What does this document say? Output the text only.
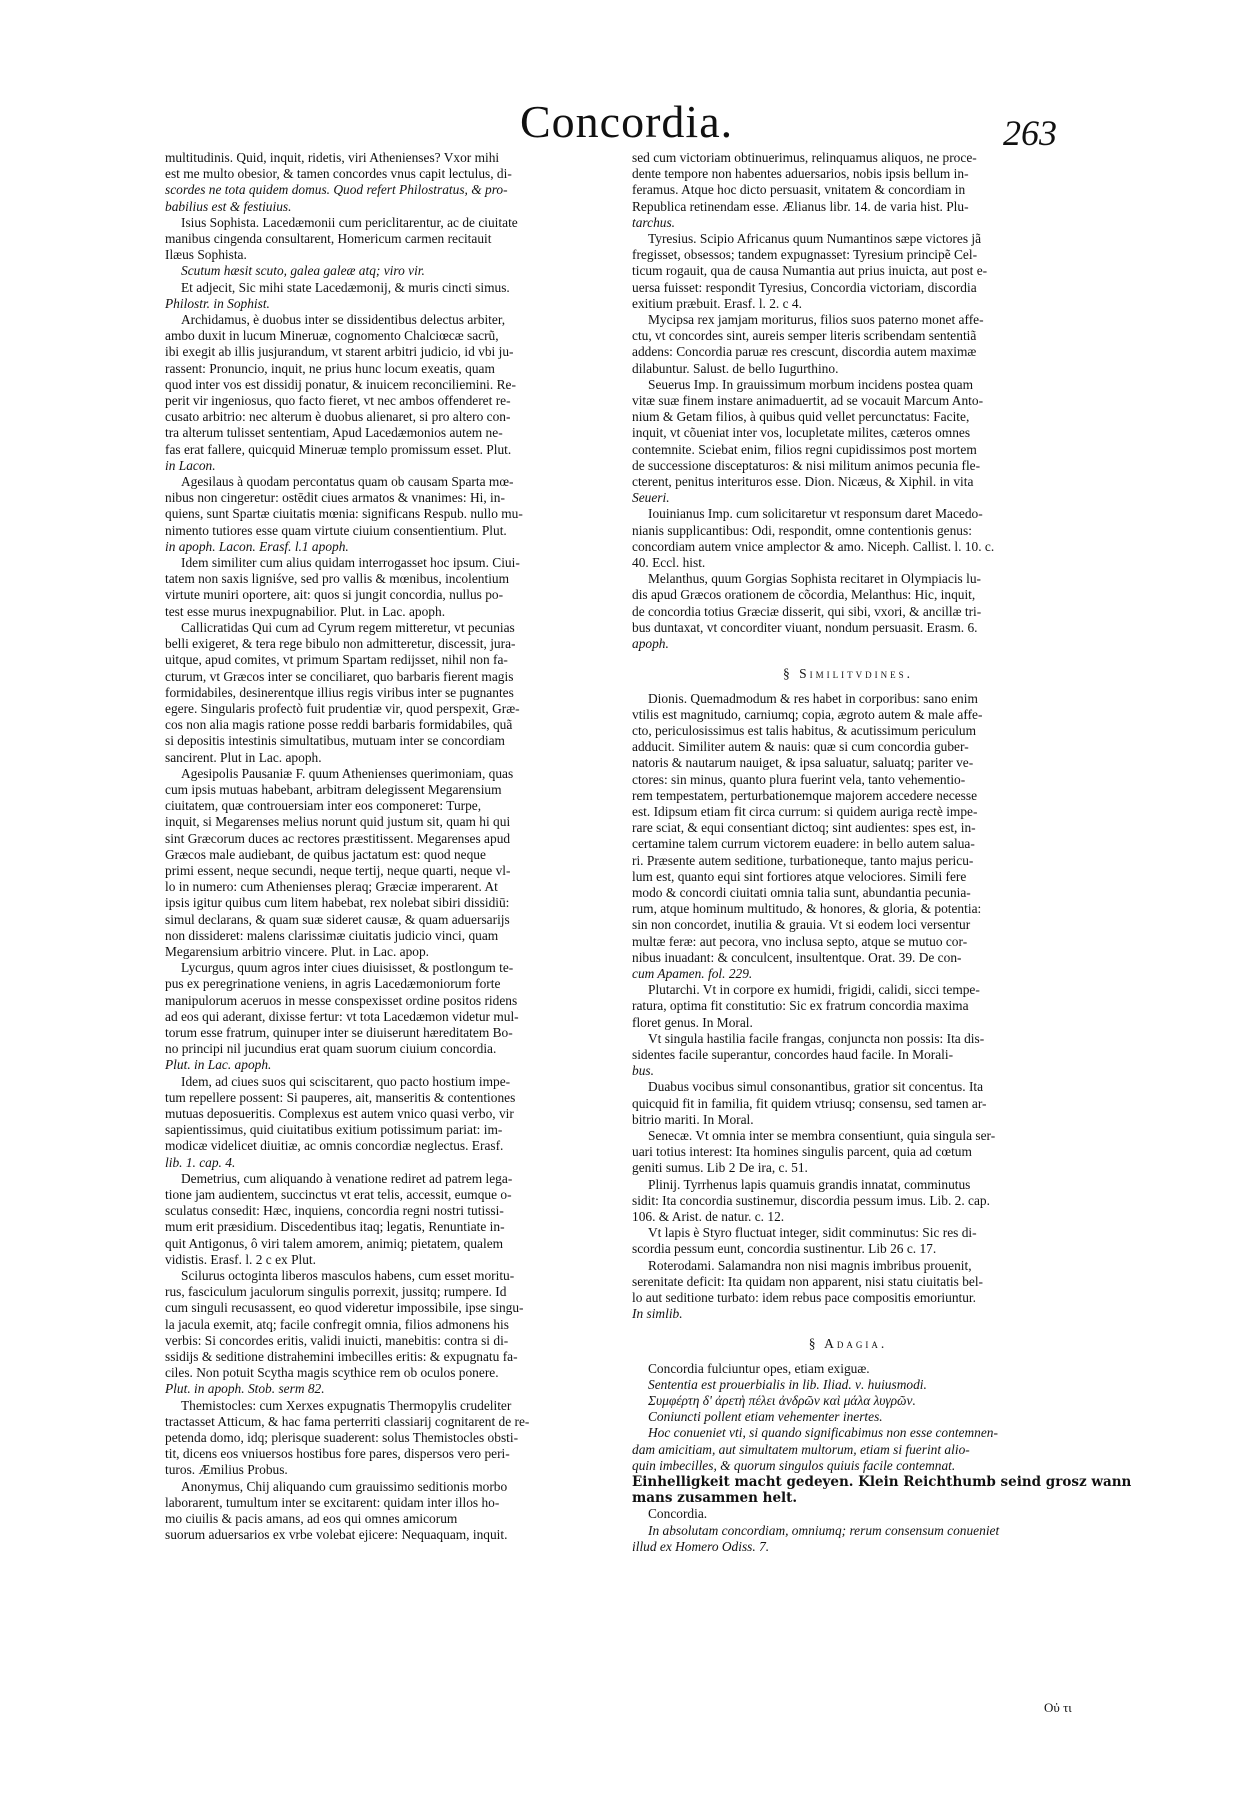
Concordia.	263
multitudinis. Quid, inquit, ridetis, viri Athenienses? Vxor mihi
est me multo obesior, & tamen concordes vnus capit lectulus, di-
scordes ne tota quidem domus. Quod refert Philostratus, & pro-
babilius est & festiuius.
Isius Sophista. Lacedæmonii cum periclitarentur, ac de ciuitate
manibus cingenda consultarent, Homericum carmen recitauit
Ilæus Sophista.
Scutum hæsit scuto, galea galeæ atq; viro vir.
Et adjecit, Sic mihi state Lacedæmonij, & muris cincti simus.
Philostr. in Sophist.
Archidamus, è duobus inter se dissidentibus delectus arbiter,
ambo duxit in lucum Mineruæ, cognomento Chalciœcæ sacrũ,
ibi exegit ab illis jusjurandum, vt starent arbitri judicio, id vbi ju-
rassent: Pronuncio, inquit, ne prius hunc locum exeatis, quam
quod inter vos est dissidij ponatur, & inuicem reconciliemini. Re-
perit vir ingeniosus, quo facto fieret, vt nec ambos offenderet re-
cusato arbitrio: nec alterum è duobus alienaret, si pro altero con-
tra alterum tulisset sententiam, Apud Lacedæmonios autem ne-
fas erat fallere, quicquid Mineruæ templo promissum esset. Plut.
in Lacon.
Agesilaus à quodam percontatus quam ob causam Sparta mœ-
nibus non cingeretur: ostēdit ciues armatos & vnanimes: Hi, in-
quiens, sunt Spartæ ciuitatis mœnia: significans Respub. nullo mu-
nimento tutiores esse quam virtute ciuium consentientium. Plut.
in apoph. Lacon. Erasf. l.1 apoph.
Idem similiter cum alius quidam interrogasset hoc ipsum. Ciui-
tatem non saxis ligniśve, sed pro vallis & mœnibus, incolentium
virtute muniri oportere, ait: quos si jungit concordia, nullus po-
test esse murus inexpugnabilior. Plut. in Lac. apoph.
Callicratidas Qui cum ad Cyrum regem mitteretur, vt pecunias
belli exigeret, & tera rege bibulo non admitteretur, discessit, jura-
uitque, apud comites, vt primum Spartam redijsset, nihil non fa-
cturum, vt Græcos inter se conciliaret, quo barbaris fierent magis
formidabiles, desinerentque illius regis viribus inter se pugnantes
egere. Singularis profectò fuit prudentiæ vir, quod perspexit, Græ-
cos non alia magis ratione posse reddi barbaris formidabiles, quã
si depositis intestinis simultatibus, mutuam inter se concordiam
sancirent. Plut in Lac. apoph.
Agesipolis Pausaniæ F. quum Athenienses querimoniam, quas
cum ipsis mutuas habebant, arbitram delegissent Megarensium
ciuitatem, quæ controuersiam inter eos componeret: Turpe,
inquit, si Megarenses melius norunt quid justum sit, quam hi qui
sint Græcorum duces ac rectores præstitissent. Megarenses apud
Græcos male audiebant, de quibus jactatum est: quod neque
primi essent, neque secundi, neque tertij, neque quarti, neque vl-
lo in numero: cum Athenienses pleraq; Græciæ imperarent. At
ipsis igitur quibus cum litem habebat, rex nolebat sibiri dissidiū:
simul declarans, & quam suæ sideret causæ, & quam aduersarijs
non dissideret: malens clarissimæ ciuitatis judicio vinci, quam
Megarensium arbitrio vincere. Plut. in Lac. apop.
Lycurgus, quum agros inter ciues diuisisset, & postlongum te-
pus ex peregrinatione veniens, in agris Lacedæmoniorum forte
manipulorum aceruos in messe conspexisset ordine positos ridens
ad eos qui aderant, dixisse fertur: vt tota Lacedæmon videtur mul-
torum esse fratrum, quinuper inter se diuiserunt hæreditatem Bo-
no principi nil jucundius erat quam suorum ciuium concordia.
Plut. in Lac. apoph.
Idem, ad ciues suos qui sciscitarent, quo pacto hostium impe-
tum repellere possent: Si pauperes, ait, manseritis & contentiones
mutuas deposueritis. Complexus est autem vnico quasi verbo, vir
sapientissimus, quid ciuitatibus exitium potissimum pariat: im-
modicæ videlicet diuitiæ, ac omnis concordiæ neglectus. Erasf.
lib. 1. cap. 4.
Demetrius, cum aliquando à venatione rediret ad patrem lega-
tione jam audientem, succinctus vt erat telis, accessit, eumque o-
sculatus consedit: Hæc, inquiens, concordia regni nostri tutissi-
mum erit præsidium. Discedentibus itaq; legatis, Renuntiate in-
quit Antigonus, ô viri talem amorem, animiq; pietatem, qualem
vidistis. Erasf. l. 2 c ex Plut.
Scilurus octoginta liberos masculos habens, cum esset moritu-
rus, fasciculum jaculorum singulis porrexit, jussitq; rumpere. Id
cum singuli recusassent, eo quod videretur impossibile, ipse singu-
la jacula exemit, atq; facile confregit omnia, filios admonens his
verbis: Si concordes eritis, validi inuicti, manebitis: contra si di-
ssidijs & seditione distrahemini imbecilles eritis: & expugnatu fa-
ciles. Non potuit Scytha magis scythice rem ob oculos ponere.
Plut. in apoph. Stob. serm 82.
Themistocles: cum Xerxes expugnatis Thermopylis crudeliter
tractasset Atticum, & hac fama perterriti classiarij cognitarent de re-
petenda domo, idq; plerisque suaderent: solus Themistocles obsti-
tit, dicens eos vniuersos hostibus fore pares, dispersos vero peri-
turos. Æmilius Probus.
Anonymus, Chij aliquando cum grauissimo seditionis morbo
laborarent, tumultum inter se excitarent: quidam inter illos ho-
mo ciuilis & pacis amans, ad eos qui omnes amicorum
suorum aduersarios ex vrbe volebat ejicere: Nequaquam, inquit.
sed cum victoriam obtinuerimus, relinquamus aliquos, ne proce-
dente tempore non habentes aduersarios, nobis ipsis bellum in-
feramus. Atque hoc dicto persuasit, vnitatem & concordiam in
Republica retinendam esse. Ælianus libr. 14. de varia hist. Plu-
tarchus.
Tyresius. Scipio Africanus quum Numantinos sæpe victores jã
fregisset, obsessos; tandem expugnasset: Tyresium principẽ Cel-
ticum rogauit, qua de causa Numantia aut prius inuicta, aut post e-
uersa fuisset: respondit Tyresius, Concordia victoriam, discordia
exitium præbuit. Erasf. l. 2. c 4.
Mycipsa rex jamjam moriturus, filios suos paterno monet affe-
ctu, vt concordes sint, aureis semper literis scribendam sententiã
addens: Concordia paruæ res crescunt, discordia autem maximæ
dilabuntur. Salust. de bello Iugurthino.
Seuerus Imp. In grauissimum morbum incidens postea quam
vitæ suæ finem instare animaduertit, ad se vocauit Marcum Anto-
nium & Getam filios, à quibus quid vellet percunctatus: Facite,
inquit, vt cõueniat inter vos, locupletate milites, cæteros omnes
contemnite. Sciebat enim, filios regni cupidissimos post mortem
de successione disceptaturos: & nisi militum animos pecunia fle-
cterent, penitus interituros esse. Dion. Nicæus, & Xiphil. in vita
Seueri.
Iouinianus Imp. cum solicitaretur vt responsum daret Macedo-
nianis supplicantibus: Odi, respondit, omne contentionis genus:
concordiam autem vnice amplector & amo. Niceph. Callist. l. 10. c.
40. Eccl. hist.
Melanthus, quum Gorgias Sophista recitaret in Olympiacis lu-
dis apud Græcos orationem de cõcordia, Melanthus: Hic, inquit,
de concordia totius Græciæ disserit, qui sibi, vxori, & ancillæ tri-
bus duntaxat, vt concorditer viuant, nondum persuasit. Erasm. 6.
apoph.
§ Similitvdines.
Dionis. Quemadmodum & res habet in corporibus: sano enim
vtilis est magnitudo, carniumq; copia, ægroto autem & male affe-
cto, periculosissimus est talis habitus, & acutissimum periculum
adducit. Similiter autem & nauis: quæ si cum concordia guber-
natoris & nautarum nauiget, & ipsa saluatur, saluatq; pariter ve-
ctores: sin minus, quanto plura fuerint vela, tanto vehementio-
rem tempestatem, perturbationemque majorem accedere necesse
est. Idipsum etiam fit circa currum: si quidem auriga rectè impe-
rare sciat, & equi consentiant dictoq; sint audientes: spes est, in-
certamine talem currum victorem euadere: in bello autem salua-
ri. Præsente autem seditione, turbationeque, tanto majus pericu-
lum est, quanto equi sint fortiores atque velociores. Simili fere
modo & concordi ciuitati omnia talia sunt, abundantia pecunia-
rum, atque hominum multitudo, & honores, & gloria, & potentia:
sin non concordet, inutilia & grauia. Vt si eodem loci versentur
multæ feræ: aut pecora, vno inclusa septo, atque se mutuo cor-
nibus inuadant: & conculcent, insultentque. Orat. 39. De con-
cum Apamen. fol. 229.
Plutarchi. Vt in corpore ex humidi, frigidi, calidi, sicci tempe-
ratura, optima fit constitutio: Sic ex fratrum concordia maxima
floret genus. In Moral.
Vt singula hastilia facile frangas, conjuncta non possis: Ita dis-
sidentes facile superantur, concordes haud facile. In Morali-
bus.
Duabus vocibus simul consonantibus, gratior sit concentus. Ita
quicquid fit in familia, fit quidem vtriusq; consensu, sed tamen ar-
bitrio mariti. In Moral.
Senecæ. Vt omnia inter se membra consentiunt, quia singula ser-
uari totius interest: Ita homines singulis parcent, quia ad cœtum
geniti sumus. Lib 2 De ira, c. 51.
Plinij. Tyrrhenus lapis quamuis grandis innatat, comminutus
sidit: Ita concordia sustinemur, discordia pessum imus. Lib. 2. cap.
106. & Arist. de natur. c. 12.
Vt lapis è Styro fluctuat integer, sidit comminutus: Sic res di-
scordia pessum eunt, concordia sustinentur. Lib 26 c. 17.
Roterodami. Salamandra non nisi magnis imbribus prouenit,
serenitate deficit: Ita quidam non apparent, nisi statu ciuitatis bel-
lo aut seditione turbato: idem rebus pace compositis emoriuntur.
In simlib.
§ Adagia.
Concordia fulciuntur opes, etiam exiguæ.
Sententia est prouerbialis in lib. Iliad. ν. huiusmodi.
Συμφέρτη δ' ἀρετὴ πέλει ἀνδρῶν καὶ μάλα λυγρῶν.
Coniuncti pollent etiam vehementer inertes.
Hoc conueniet vti, si quando significabimus non esse contemnen-
dam amicitiam, aut simultatem multorum, etiam si fuerint alio-
quin imbecilles, & quorum singulos quiuis facile contemnat.
Einhelligkeit macht gedeyen. Klein Reichthumb seind grosz wann
mans zusammen helt.
Concordia.
In absolutam concordiam, omniumq; rerum consensum conueniet
illud ex Homero Odiss. 7.
Οὐ τι
